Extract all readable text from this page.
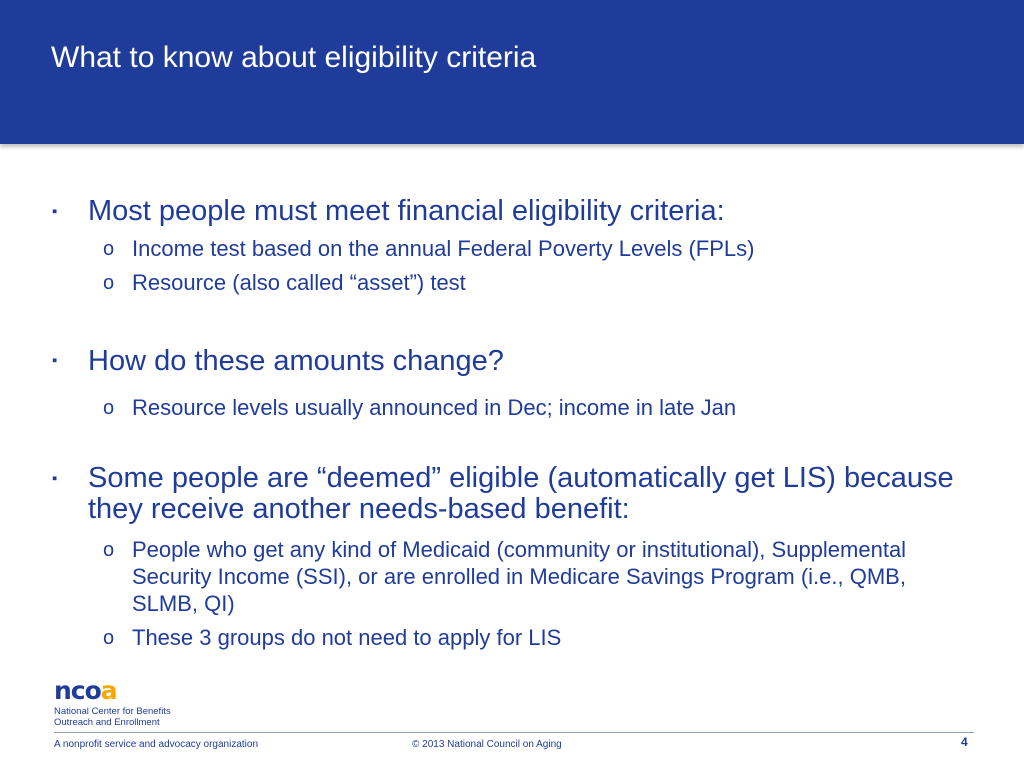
What to know about eligibility criteria
▪ Most people must meet financial eligibility criteria:
o Income test based on the annual Federal Poverty Levels (FPLs)
o Resource (also called “asset”) test
▪ How do these amounts change?
o Resource levels usually announced in Dec; income in late Jan
▪ Some people are “deemed” eligible (automatically get LIS) because they receive another needs-based benefit:
o People who get any kind of Medicaid (community or institutional), Supplemental Security Income (SSI), or are enrolled in Medicare Savings Program (i.e., QMB, SLMB, QI)
o These 3 groups do not need to apply for LIS
ncoa
National Center for Benefits
Outreach and Enrollment
A nonprofit service and advocacy organization	© 2013 National Council on Aging	4
